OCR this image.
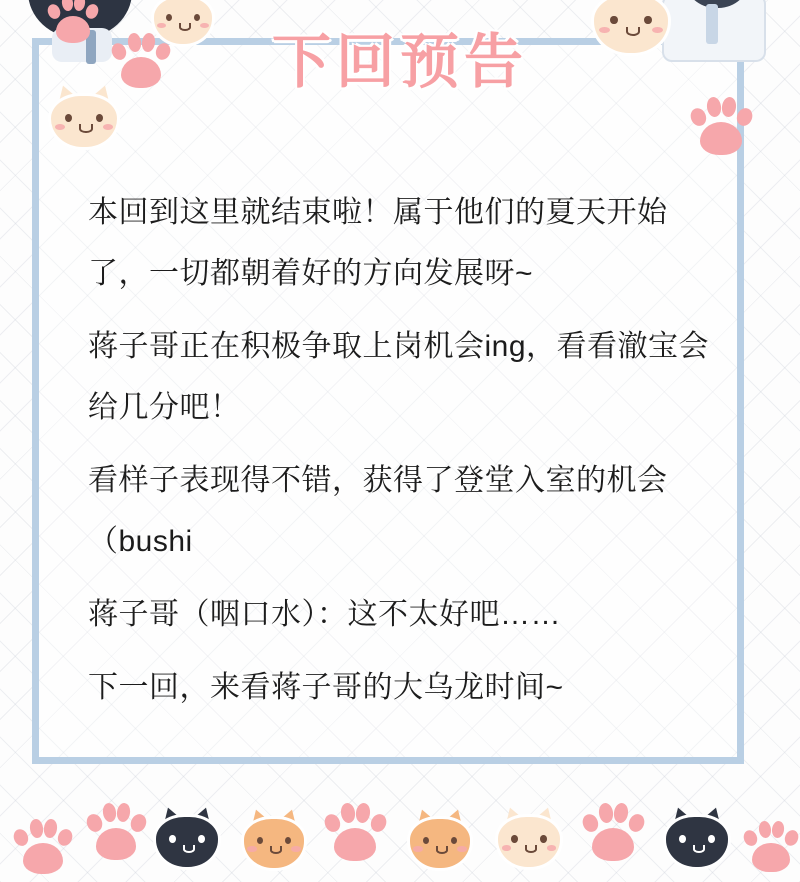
下回预告

本回到这里就结束啦！属于他们的夏天开始了，一切都朝着好的方向发展呀~

蒋子哥正在积极争取上岗机会ing，看看澈宝会给几分吧！

看样子表现得不错，获得了登堂入室的机会（bushi

蒋子哥（咽口水）：这不太好吧……

下一回，来看蒋子哥的大乌龙时间~
